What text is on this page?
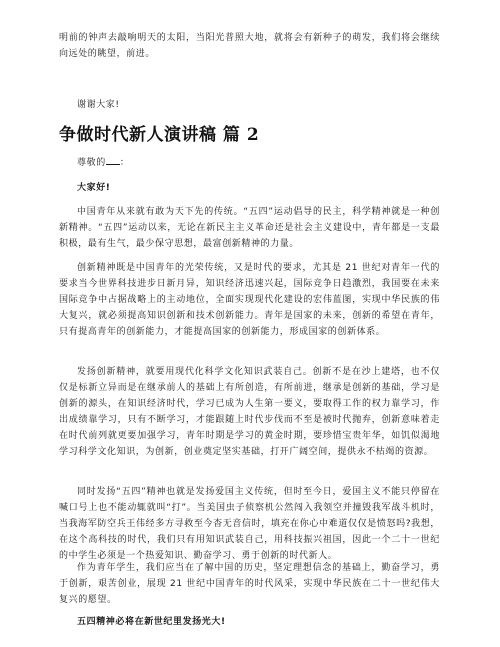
明前的钟声去敲响明天的太阳，当阳光普照大地，就将会有新种子的萌发，我们将会继续向远处的眺望，前进。

谢谢大家!

争做时代新人演讲稿 篇 2

尊敬的 ：

大家好!

中国青年从来就有敢为天下先的传统。“五四”运动倡导的民主，科学精神就是一种创新精神。“五四”运动以来，无论在新民主主义革命还是社会主义建设中，青年都是一支最积极，最有生气，最少保守思想，最富创新精神的力量。

创新精神既是中国青年的光荣传统，又是时代的要求，尤其是 21 世纪对青年一代的要求当今世界科技进步日新月异，知识经济迅速兴起，国际竞争日趋激烈，我国要在未来国际竞争中占据战略上的主动地位，全面实现现代化建设的宏伟蓝图，实现中华民族的伟大复兴，就必须提高知识创新和技术创新能力。青年是国家的未来，创新的希望在青年，只有提高青年的创新能力，才能提高国家的创新能力，形成国家的创新体系。

发扬创新精神，就要用现代化科学文化知识武装自己。创新不是在沙上建塔，也不仅仅是标新立异而是在继承前人的基础上有所创造，有所前进，继承是创新的基础，学习是创新的源头，在知识经济时代，学习已成为人生第一要义，要取得工作的权力靠学习，作出成绩靠学习，只有不断学习，才能跟随上时代步伐而不至是被时代抛弃，创新意味着走在时代前列就更要加强学习，青年时期是学习的黄金时期，要珍惜宝贵年华，如饥似渴地学习科学文化知识，为创新，创业奠定坚实基础，打开广阔空间，提供永不枯竭的资源。

同时发扬“五四”精神也就是发扬爱国主义传统，但时至今日，爱国主义不能只停留在喊口号上也不能动辄就叫“打”。当美国虫子侦察机公然闯入我领空并撞毁我军战斗机时，当我海军防空兵王伟经多方寻救至今杳无音信时，填充在你心中难道仅仅是愤怒吗?我想，在这个高科技的时代，我们只有用知识武装自己，用科技振兴祖国，因此一个二十一世纪的中学生必须是一个热爱知识、勤奋学习、勇于创新的时代新人。

作为青年学生，我们应当在了解中国的历史，坚定理想信念的基础上，勤奋学习，勇于创新，艰苦创业，展现 21 世纪中国青年的时代风采，实现中华民族在二十一世纪伟大复兴的愿望。

五四精神必将在新世纪里发扬光大!
